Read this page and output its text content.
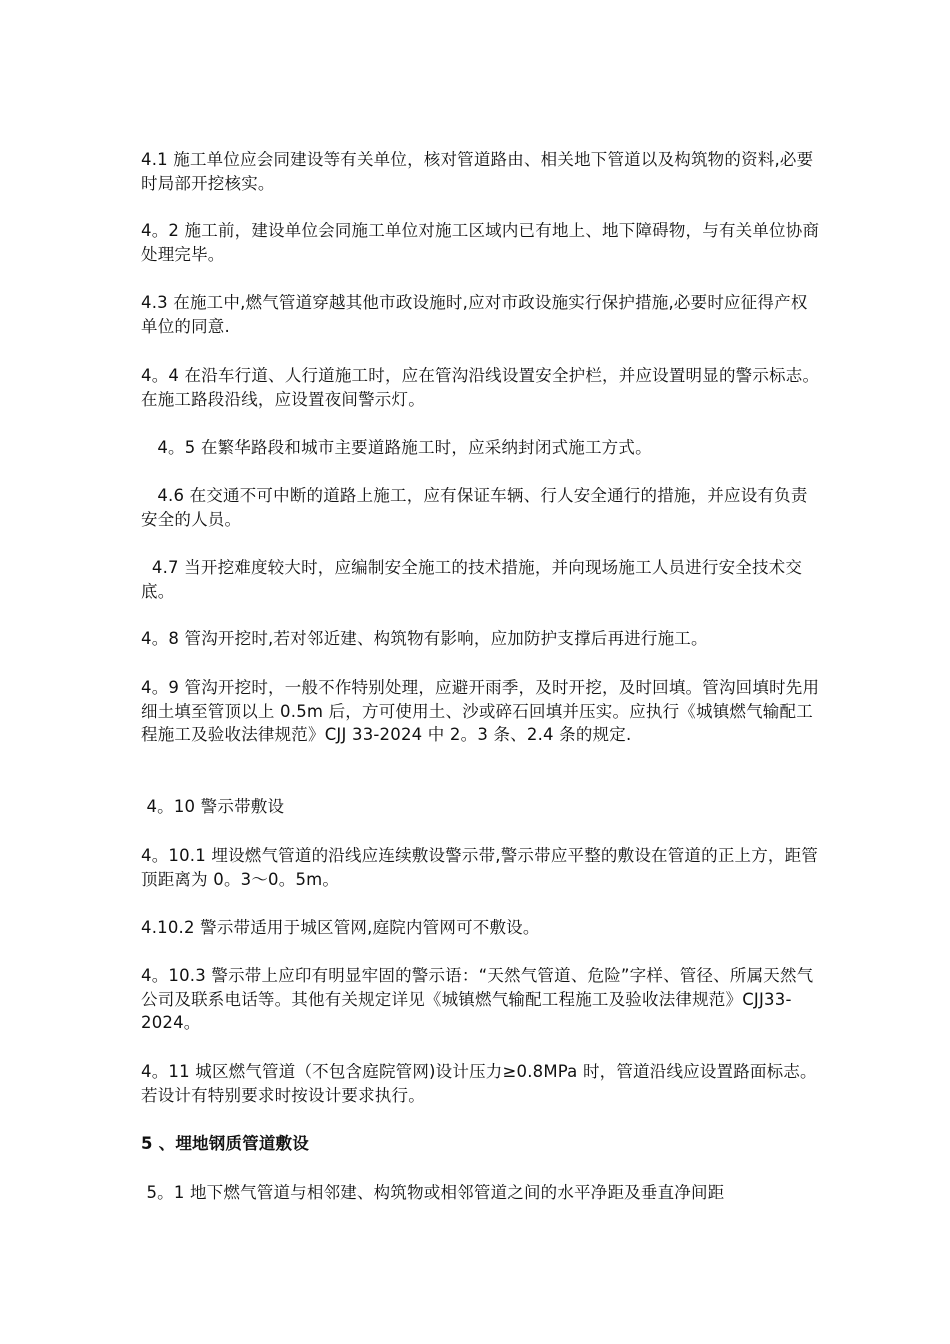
4.1 施工单位应会同建设等有关单位，核对管道路由、相关地下管道以及构筑物的资料,必要时局部开挖核实。

4。2 施工前，建设单位会同施工单位对施工区域内已有地上、地下障碍物，与有关单位协商处理完毕。

4.3 在施工中,燃气管道穿越其他市政设施时,应对市政设施实行保护措施,必要时应征得产权单位的同意.

4。4 在沿车行道、人行道施工时，应在管沟沿线设置安全护栏，并应设置明显的警示标志。在施工路段沿线，应设置夜间警示灯。

4。5 在繁华路段和城市主要道路施工时，应采纳封闭式施工方式。

4.6 在交通不可中断的道路上施工，应有保证车辆、行人安全通行的措施，并应设有负责安全的人员。

4.7 当开挖难度较大时，应编制安全施工的技术措施，并向现场施工人员进行安全技术交底。

4。8 管沟开挖时,若对邻近建、构筑物有影响，应加防护支撑后再进行施工。

4。9 管沟开挖时，一般不作特别处理，应避开雨季，及时开挖，及时回填。管沟回填时先用细土填至管顶以上 0.5m 后，方可使用土、沙或碎石回填并压实。应执行《城镇燃气输配工程施工及验收法律规范》CJJ 33-2024 中 2。3 条、2.4 条的规定.

4。10 警示带敷设

4。10.1 埋设燃气管道的沿线应连续敷设警示带,警示带应平整的敷设在管道的正上方，距管顶距离为 0。3～0。5m。

4.10.2 警示带适用于城区管网,庭院内管网可不敷设。

4。10.3 警示带上应印有明显牢固的警示语：“天然气管道、危险”字样、管径、所属天然气公司及联系电话等。其他有关规定详见《城镇燃气输配工程施工及验收法律规范》CJJ33-2024。

4。11 城区燃气管道（不包含庭院管网)设计压力≥0.8MPa 时，管道沿线应设置路面标志。若设计有特别要求时按设计要求执行。

5 、埋地钢质管道敷设

5。1 地下燃气管道与相邻建、构筑物或相邻管道之间的水平净距及垂直净间距
